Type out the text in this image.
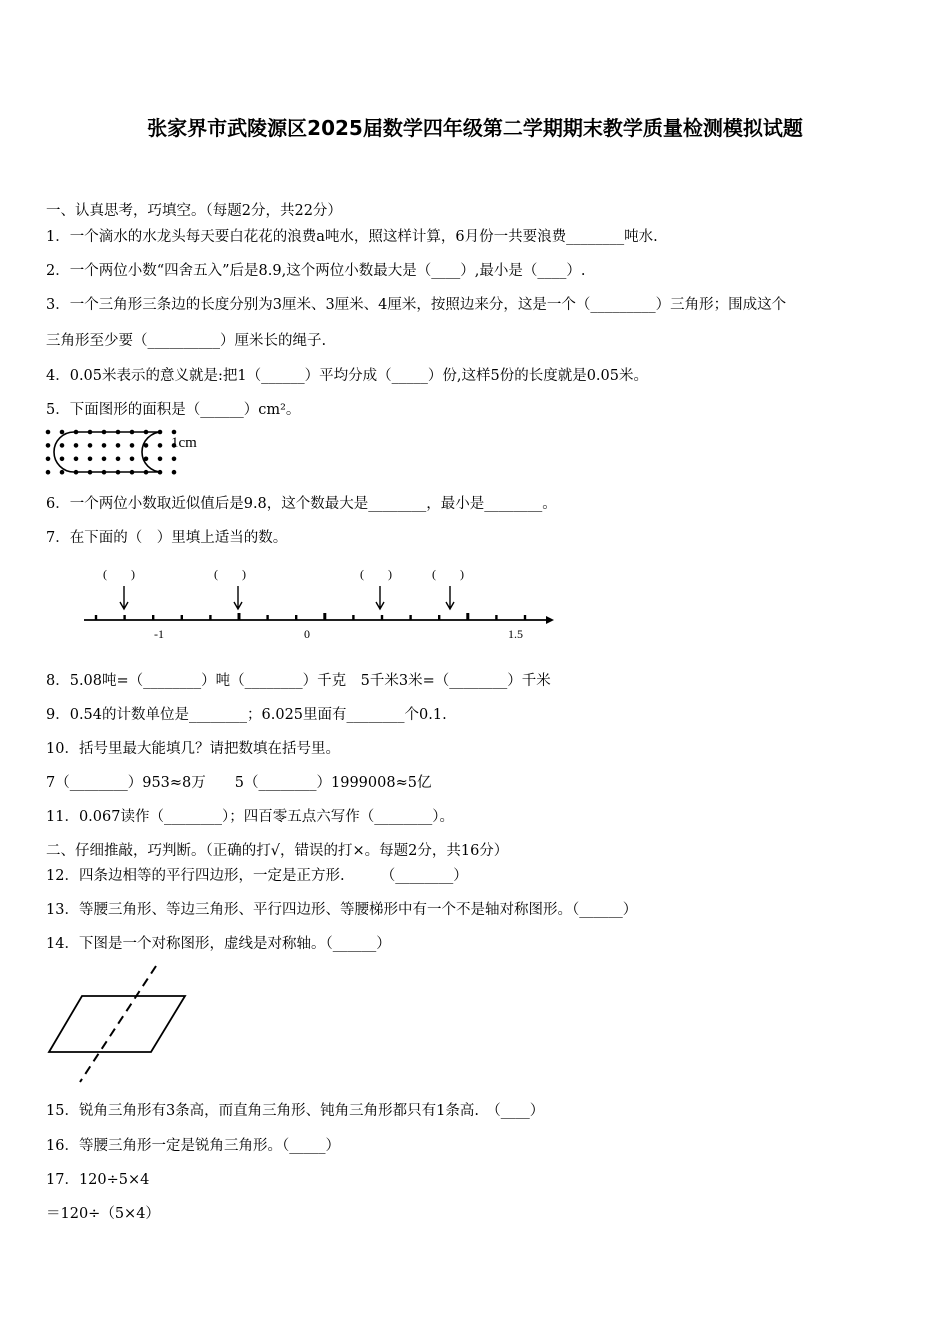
张家界市武陵源区2025届数学四年级第二学期期末教学质量检测模拟试题
一、认真思考，巧填空。（每题2分，共22分）
1．一个滴水的水龙头每天要白花花的浪费a吨水，照这样计算，6月份一共要浪费________吨水.
2．一个两位小数“四舍五入”后是8.9,这个两位小数最大是（____）,最小是（____）.
3．一个三角形三条边的长度分别为3厘米、3厘米、4厘米，按照边来分，这是一个（_________）三角形；围成这个
三角形至少要（__________）厘米长的绳子.
4．0.05米表示的意义就是:把1（______）平均分成（_____）份,这样5份的长度就是0.05米。
5．下面图形的面积是（______）cm²。
1cm
6．一个两位小数取近似值后是9.8，这个数最大是________，最小是________。
7．在下面的（　）里填上适当的数。
(　　)	(　　)	(　　)	(　　)
-1	0	1.5
8．5.08吨=（________）吨（________）千克　5千米3米=（________）千米
9．0.54的计数单位是________；6.025里面有________个0.1.
10．括号里最大能填几？请把数填在括号里。
7（________）953≈8万　　5（________）1999008≈5亿
11．0.067读作（________）；四百零五点六写作（________）。
二、仔细推敲，巧判断。（正确的打√，错误的打×。每题2分，共16分）
12．四条边相等的平行四边形，一定是正方形.　　　（________）
13．等腰三角形、等边三角形、平行四边形、等腰梯形中有一个不是轴对称图形。（______）
14．下图是一个对称图形，虚线是对称轴。（______）
15．锐角三角形有3条高，而直角三角形、钝角三角形都只有1条高.　（____）
16．等腰三角形一定是锐角三角形。（_____）
17．120÷5×4
＝120÷（5×4）
